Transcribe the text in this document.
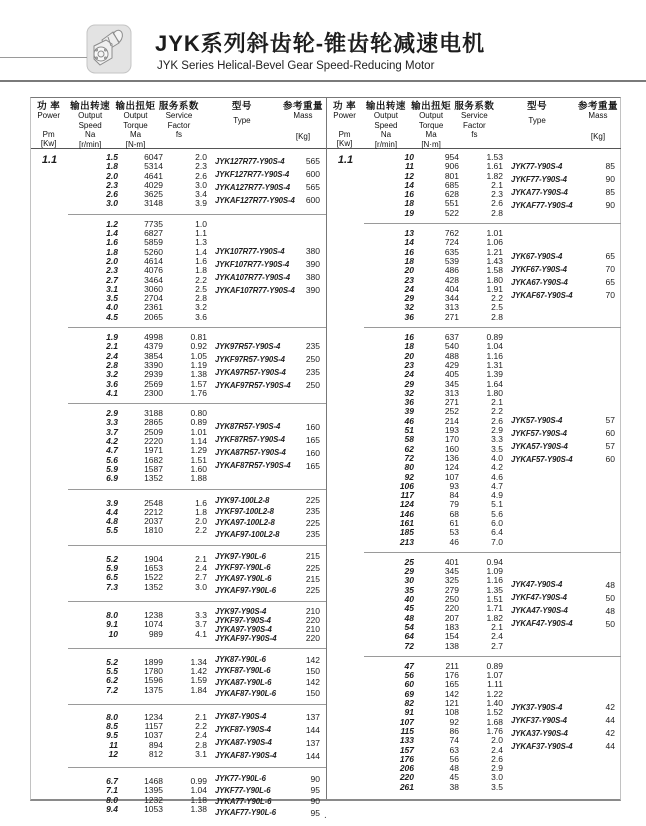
JYK系列斜齿轮-锥齿轮减速电机
JYK Series Helical-Bevel Gear Speed-Reducing Motor
功 率
Power
Pm
[Kw]
输出转速
Output
Speed
Na
[r/min]
输出扭矩
Output
Torque
Ma
[N-m]
服务系数
Service
Factor
fs
型号
Type
参考重量
Mass
[Kg]
1.1	1.5	6047	2.0
1.8	5314	2.3
2.0	4641	2.6
2.3	4029	3.0
2.6	3625	3.4
3.0	3148	3.9
JYK127R77-Y90S-4	565
JYKF127R77-Y90S-4	600
JYKA127R77-Y90S-4	565
JYKAF127R77-Y90S-4	600
1.2	7735	1.0
1.4	6827	1.1
1.6	5859	1.3
1.8	5260	1.4
2.0	4614	1.6
2.3	4076	1.8
2.7	3464	2.2
3.1	3060	2.5
3.5	2704	2.8
4.0	2361	3.2
4.5	2065	3.6
JYK107R77-Y90S-4	380
JYKF107R77-Y90S-4	390
JYKA107R77-Y90S-4	380
JYKAF107R77-Y90S-4	390
1.9	4998	0.81
2.1	4379	0.92
2.4	3854	1.05
2.8	3390	1.19
3.2	2939	1.38
3.6	2569	1.57
4.1	2300	1.76
JYK97R57-Y90S-4	235
JYKF97R57-Y90S-4	250
JYKA97R57-Y90S-4	235
JYKAF97R57-Y90S-4	250
2.9	3188	0.80
3.3	2865	0.89
3.7	2509	1.01
4.2	2220	1.14
4.7	1971	1.29
5.6	1682	1.51
5.9	1587	1.60
6.9	1352	1.88
JYK87R57-Y90S-4	160
JYKF87R57-Y90S-4	165
JYKA87R57-Y90S-4	160
JYKAF87R57-Y90S-4	165
3.9	2548	1.6
4.4	2212	1.8
4.8	2037	2.0
5.5	1810	2.2
JYK97-100L2-8	225
JYKF97-100L2-8	235
JYKA97-100L2-8	225
JYKAF97-100L2-8	235
5.2	1904	2.1
5.9	1653	2.4
6.5	1522	2.7
7.3	1352	3.0
JYK97-Y90L-6	215
JYKF97-Y90L-6	225
JYKA97-Y90L-6	215
JYKAF97-Y90L-6	225
8.0	1238	3.3
9.1	1074	3.7
10	989	4.1
JYK97-Y90S-4	210
JYKF97-Y90S-4	220
JYKA97-Y90S-4	210
JYKAF97-Y90S-4	220
5.2	1899	1.34
5.5	1780	1.42
6.2	1596	1.59
7.2	1375	1.84
JYK87-Y90L-6	142
JYKF87-Y90L-6	150
JYKA87-Y90L-6	142
JYKAF87-Y90L-6	150
8.0	1234	2.1
8.5	1157	2.2
9.5	1037	2.4
11	894	2.8
12	812	3.1
JYK87-Y90S-4	137
JYKF87-Y90S-4	144
JYKA87-Y90S-4	137
JYKAF87-Y90S-4	144
6.7	1468	0.99
7.1	1395	1.04
8.0	1232	1.18
9.4	1053	1.38
JYK77-Y90L-6	90
JYKF77-Y90L-6	95
JYKA77-Y90L-6	90
JYKAF77-Y90L-6	95
功 率
Power
Pm
[Kw]
输出转速
Output
Speed
Na
[r/min]
输出扭矩
Output
Torque
Ma
[N·m]
服务系数
Service
Factor
fs
型号
Type
参考重量
Mass
[Kg]
1.1	10	954	1.53
11	906	1.61
12	801	1.82
14	685	2.1
16	628	2.3
18	551	2.6
19	522	2.8
JYK77-Y90S-4	85
JYKF77-Y90S-4	90
JYKA77-Y90S-4	85
JYKAF77-Y90S-4	90
13	762	1.01
14	724	1.06
16	635	1.21
18	539	1.43
20	486	1.58
23	428	1.80
24	404	1.91
29	344	2.2
32	313	2.5
36	271	2.8
JYK67-Y90S-4	65
JYKF67-Y90S-4	70
JYKA67-Y90S-4	65
JYKAF67-Y90S-4	70
16	637	0.89
18	540	1.04
20	488	1.16
23	429	1.31
24	405	1.39
29	345	1.64
32	313	1.80
36	271	2.1
39	252	2.2
46	214	2.6
51	193	2.9
58	170	3.3
62	160	3.5
72	136	4.0
80	124	4.2
92	107	4.6
106	93	4.7
117	84	4.9
124	79	5.1
146	68	5.6
161	61	6.0
185	53	6.4
213	46	7.0
JYK57-Y90S-4	57
JYKF57-Y90S-4	60
JYKA57-Y90S-4	57
JYKAF57-Y90S-4	60
25	401	0.94
29	345	1.09
30	325	1.16
35	279	1.35
40	250	1.51
45	220	1.71
48	207	1.82
54	183	2.1
64	154	2.4
72	138	2.7
JYK47-Y90S-4	48
JYKF47-Y90S-4	50
JYKA47-Y90S-4	48
JYKAF47-Y90S-4	50
47	211	0.89
56	176	1.07
60	165	1.11
69	142	1.22
82	121	1.40
91	108	1.52
107	92	1.68
115	86	1.76
133	74	2.0
157	63	2.4
176	56	2.6
206	48	2.9
220	45	3.0
261	38	3.5
JYK37-Y90S-4	42
JYKF37-Y90S-4	44
JYKA37-Y90S-4	42
JYKAF37-Y90S-4	44
.
